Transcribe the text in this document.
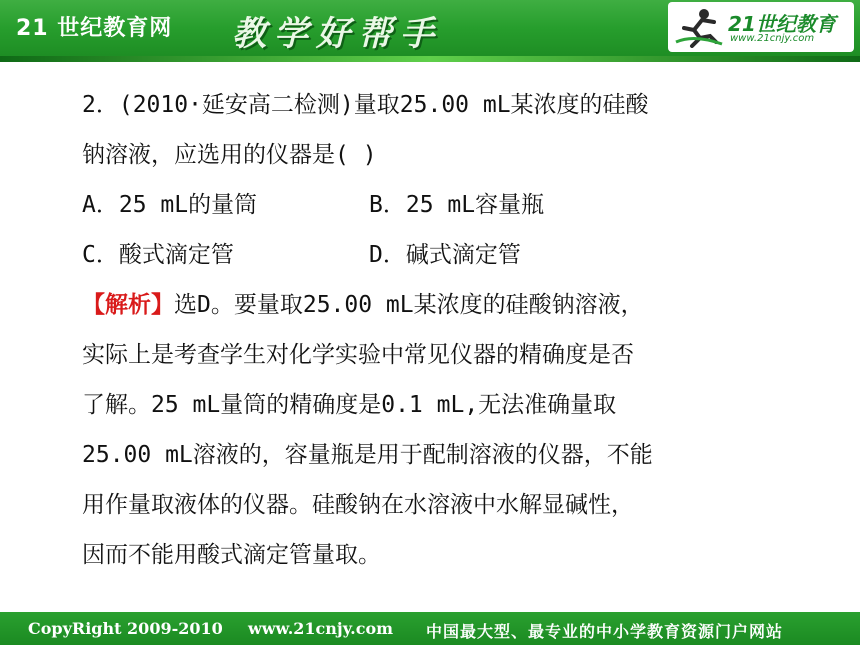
21 世纪教育网 教学好帮手	21世纪教育
www.21cnjy.com
2．(2010·延安高二检测)量取25.00 mL某浓度的硅酸
钠溶液，应选用的仪器是( )
A．25 mL的量筒	B．25 mL容量瓶
C．酸式滴定管	D．碱式滴定管
【解析】选D。要量取25.00 mL某浓度的硅酸钠溶液，
实际上是考查学生对化学实验中常见仪器的精确度是否
了解。25 mL量筒的精确度是0.1 mL,无法准确量取
25.00 mL溶液的，容量瓶是用于配制溶液的仪器，不能
用作量取液体的仪器。硅酸钠在水溶液中水解显碱性，
因而不能用酸式滴定管量取。
CopyRight 2009-2010 www.21cnjy.com 中国最大型、最专业的中小学教育资源门户网站
